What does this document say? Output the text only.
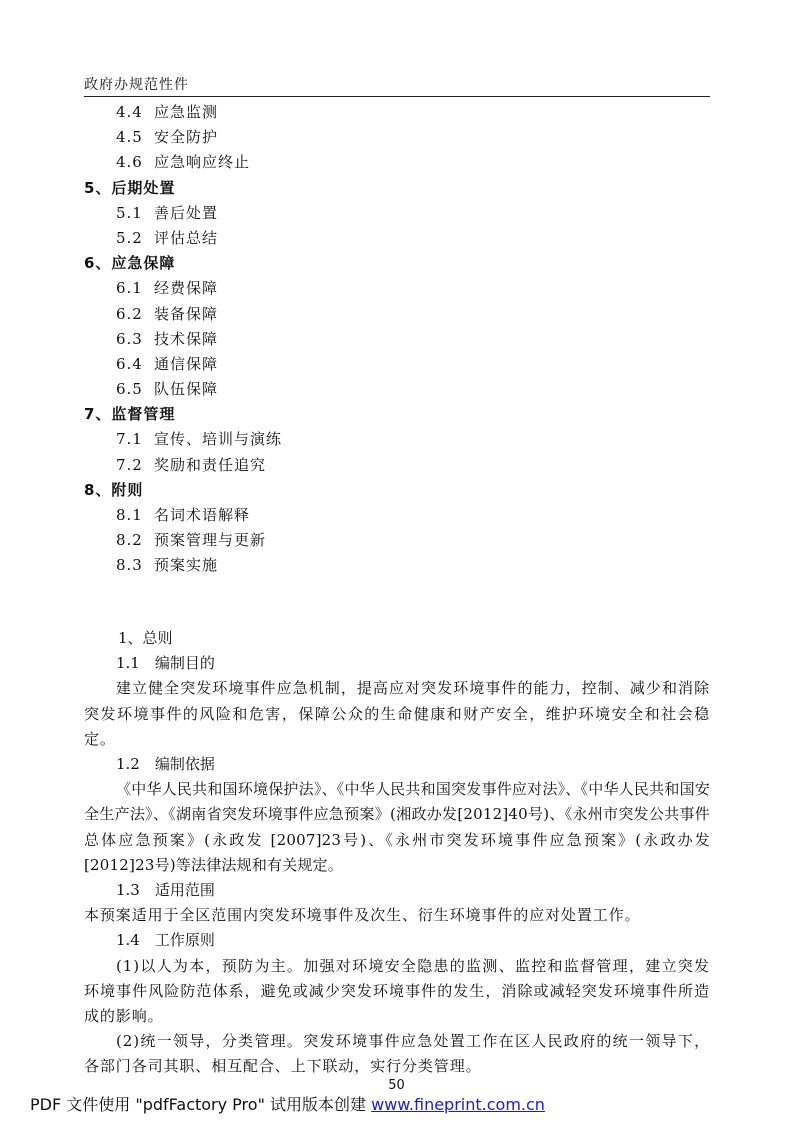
政府办规范性件
4.4 应急监测
4.5 安全防护
4.6 应急响应终止
5、后期处置
5.1 善后处置
5.2 评估总结
6、应急保障
6.1 经费保障
6.2 装备保障
6.3 技术保障
6.4 通信保障
6.5 队伍保障
7、监督管理
7.1 宣传、培训与演练
7.2 奖励和责任追究
8、附则
8.1 名词术语解释
8.2 预案管理与更新
8.3 预案实施
1、总则
1.1　编制目的

建立健全突发环境事件应急机制，提高应对突发环境事件的能力，控制、减少和消除突发环境事件的风险和危害，保障公众的生命健康和财产安全，维护环境安全和社会稳定。

1.2　编制依据

《中华人民共和国环境保护法》、《中华人民共和国突发事件应对法》、《中华人民共和国安全生产法》、《湖南省突发环境事件应急预案》(湘政办发[2012]40号)、《永州市突发公共事件总体应急预案》(永政发 [2007]23号)、《永州市突发环境事件应急预案》(永政办发[2012]23号)等法律法规和有关规定。

1.3　适用范围

本预案适用于全区范围内突发环境事件及次生、衍生环境事件的应对处置工作。

1.4　工作原则

(1)以人为本，预防为主。加强对环境安全隐患的监测、监控和监督管理，建立突发环境事件风险防范体系，避免或减少突发环境事件的发生，消除或减轻突发环境事件所造成的影响。

(2)统一领导，分类管理。突发环境事件应急处置工作在区人民政府的统一领导下，各部门各司其职、相互配合、上下联动，实行分类管理。

50
PDF 文件使用 "pdfFactory Pro" 试用版本创建 www.fineprint.com.cn
